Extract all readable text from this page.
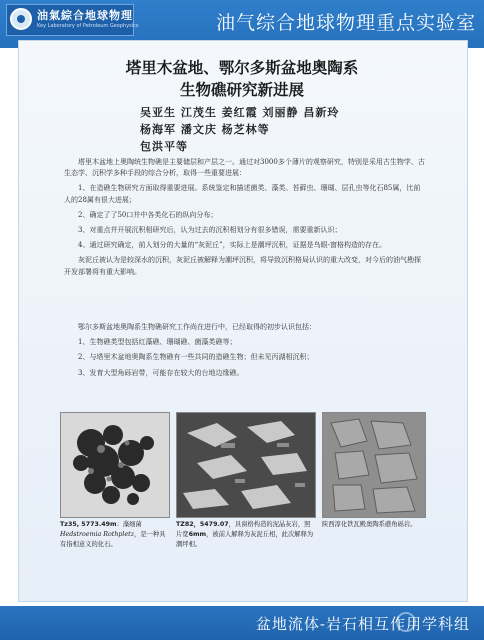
油氣綜合地球物理
Key Laboratory of Petroleum Geophysics	油气综合地球物理重点实验室
塔里木盆地、鄂尔多斯盆地奥陶系
生物礁研究新进展
吴亚生 江茂生 姜红霞 刘丽静 昌新玲
杨海军 潘文庆 杨芝林等
包洪平等

塔里木盆地上奥陶统生物礁是主要储层和产层之一。通过对3000多个薄片的观察研究，特别是采用古生物学、古生态学、沉积学多种手段的综合分析，取得一些重要进展：

1、在造礁生物研究方面取得重要进展。系统鉴定和描述菌类、藻类、苔藓虫、珊瑚、层孔虫等化石85属，比前人的28属有很大进展；

2、确定了了50口井中各类化石的纵向分布；

3、对重点井开展沉积相研究后，认为过去的沉积相划分有很多错误，需要重新认识；

4、通过研究确定，前人划分的大量的“灰泥丘”，实际上是潮坪沉积，证据是鸟眼-窗格构造的存在。

灰泥丘被认为是较深水的沉积，灰泥丘被解释为潮坪沉积，将导致沉积格局认识的重大改变，对今后的油气勘探开发部署将有重大影响。

鄂尔多斯盆地奥陶系生物礁研究工作尚在进行中，已经取得的初步认识包括：

1、生物礁类型包括红藻礁、珊瑚礁、菌藻类礁等；

2、与塔里木盆地奥陶系生物礁有一些共同的造礁生物；但未见丙湖相沉积；

3、发育大型角砾岩带，可能存在较大的台地边缘礁。

Tz35, 5773.49m：藻细菌 Hedstroemia Rothpletz，是一种具有指相意义的化石。
TZ82，5479.07，具窗格构造的泥晶灰岩，照片宽6mm，被前人解释为灰泥丘相，此次解释为潮坪相。
陕西淳化铁瓦殿奥陶系礁角砾岩。
盆地流体-岩石相互作用学科组
